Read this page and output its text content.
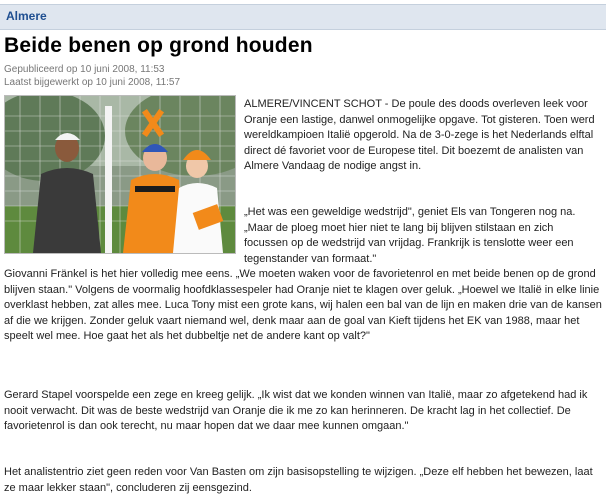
Almere
Beide benen op grond houden
Gepubliceerd op 10 juni 2008, 11:53
Laatst bijgewerkt op 10 juni 2008, 11:57

ALMERE/VINCENT SCHOT - De poule des doods overleven leek voor Oranje een lastige, danwel onmogelijke opgave. Tot gisteren. Toen werd wereldkampioen Italië opgerold. Na de 3-0-zege is het Nederlands elftal direct dé favoriet voor de Europese titel. Dit boezemt de analisten van Almere Vandaag de nodige angst in.

„Het was een geweldige wedstrijd", geniet Els van Tongeren nog na. „Maar de ploeg moet hier niet te lang bij blijven stilstaan en zich focussen op de wedstrijd van vrijdag. Frankrijk is tenslotte weer een tegenstander van formaat."

Giovanni Fränkel is het hier volledig mee eens. „We moeten waken voor de favorietenrol en met beide benen op de grond blijven staan." Volgens de voormalig hoofdklassespeler had Oranje niet te klagen over geluk. „Hoewel we Italië in elke linie overklast hebben, zat alles mee. Luca Tony mist een grote kans, wij halen een bal van de lijn en maken drie van de kansen af die we krijgen. Zonder geluk vaart niemand wel, denk maar aan de goal van Kieft tijdens het EK van 1988, maar het speelt wel mee. Hoe gaat het als het dubbeltje net de andere kant op valt?"

Gerard Stapel voorspelde een zege en kreeg gelijk. „Ik wist dat we konden winnen van Italië, maar zo afgetekend had ik nooit verwacht. Dit was de beste wedstrijd van Oranje die ik me zo kan herinneren. De kracht lag in het collectief. De favorietenrol is dan ook terecht, nu maar hopen dat we daar mee kunnen omgaan."

Het analistentrio ziet geen reden voor Van Basten om zijn basisopstelling te wijzigen. „Deze elf hebben het bewezen, laat ze maar lekker staan", concluderen zij eensgezind.
